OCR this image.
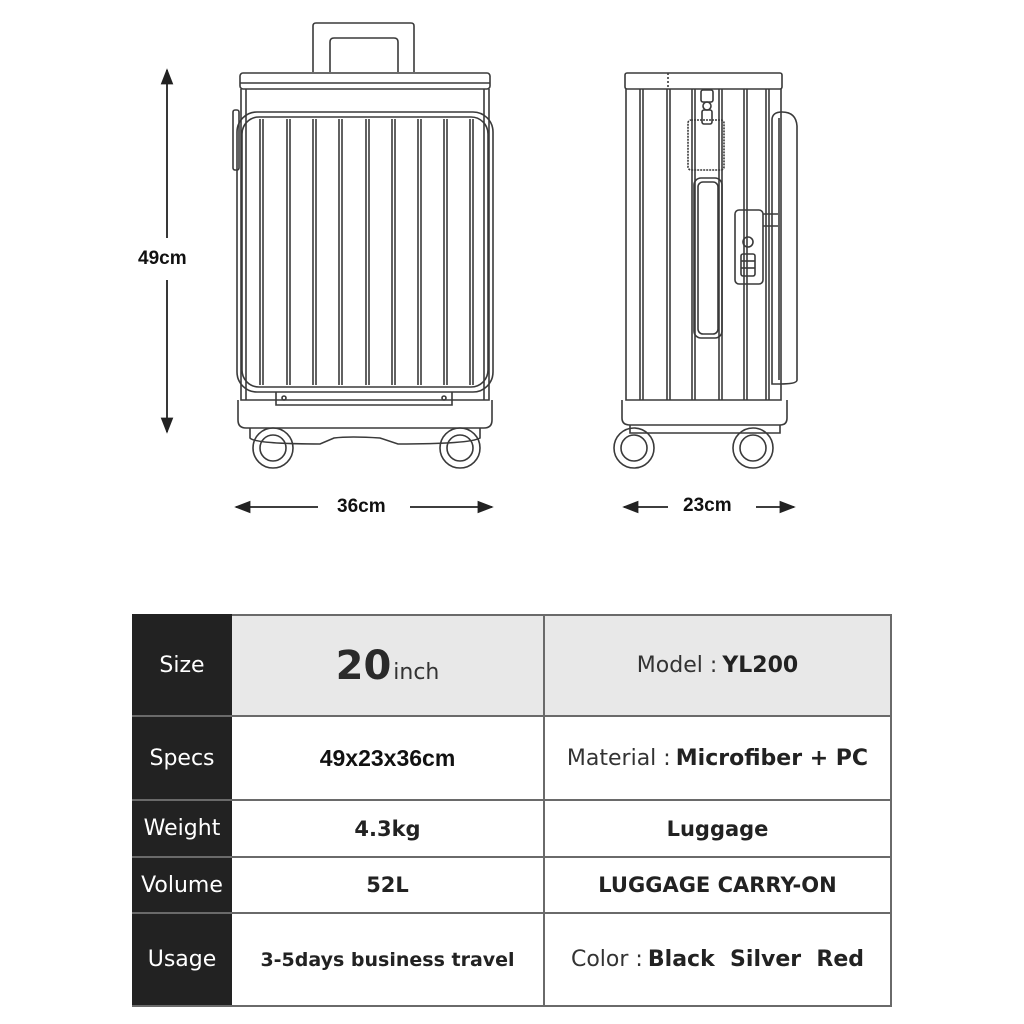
49cm
36cm	23cm
Size	20inch	Model : YL200
Specs	49x23x36cm	Material : Microfiber + PC
Weight	4.3kg	Luggage
Volume	52L	LUGGAGE CARRY-ON
Usage	3-5days business travel	Color : Black  Silver  Red
